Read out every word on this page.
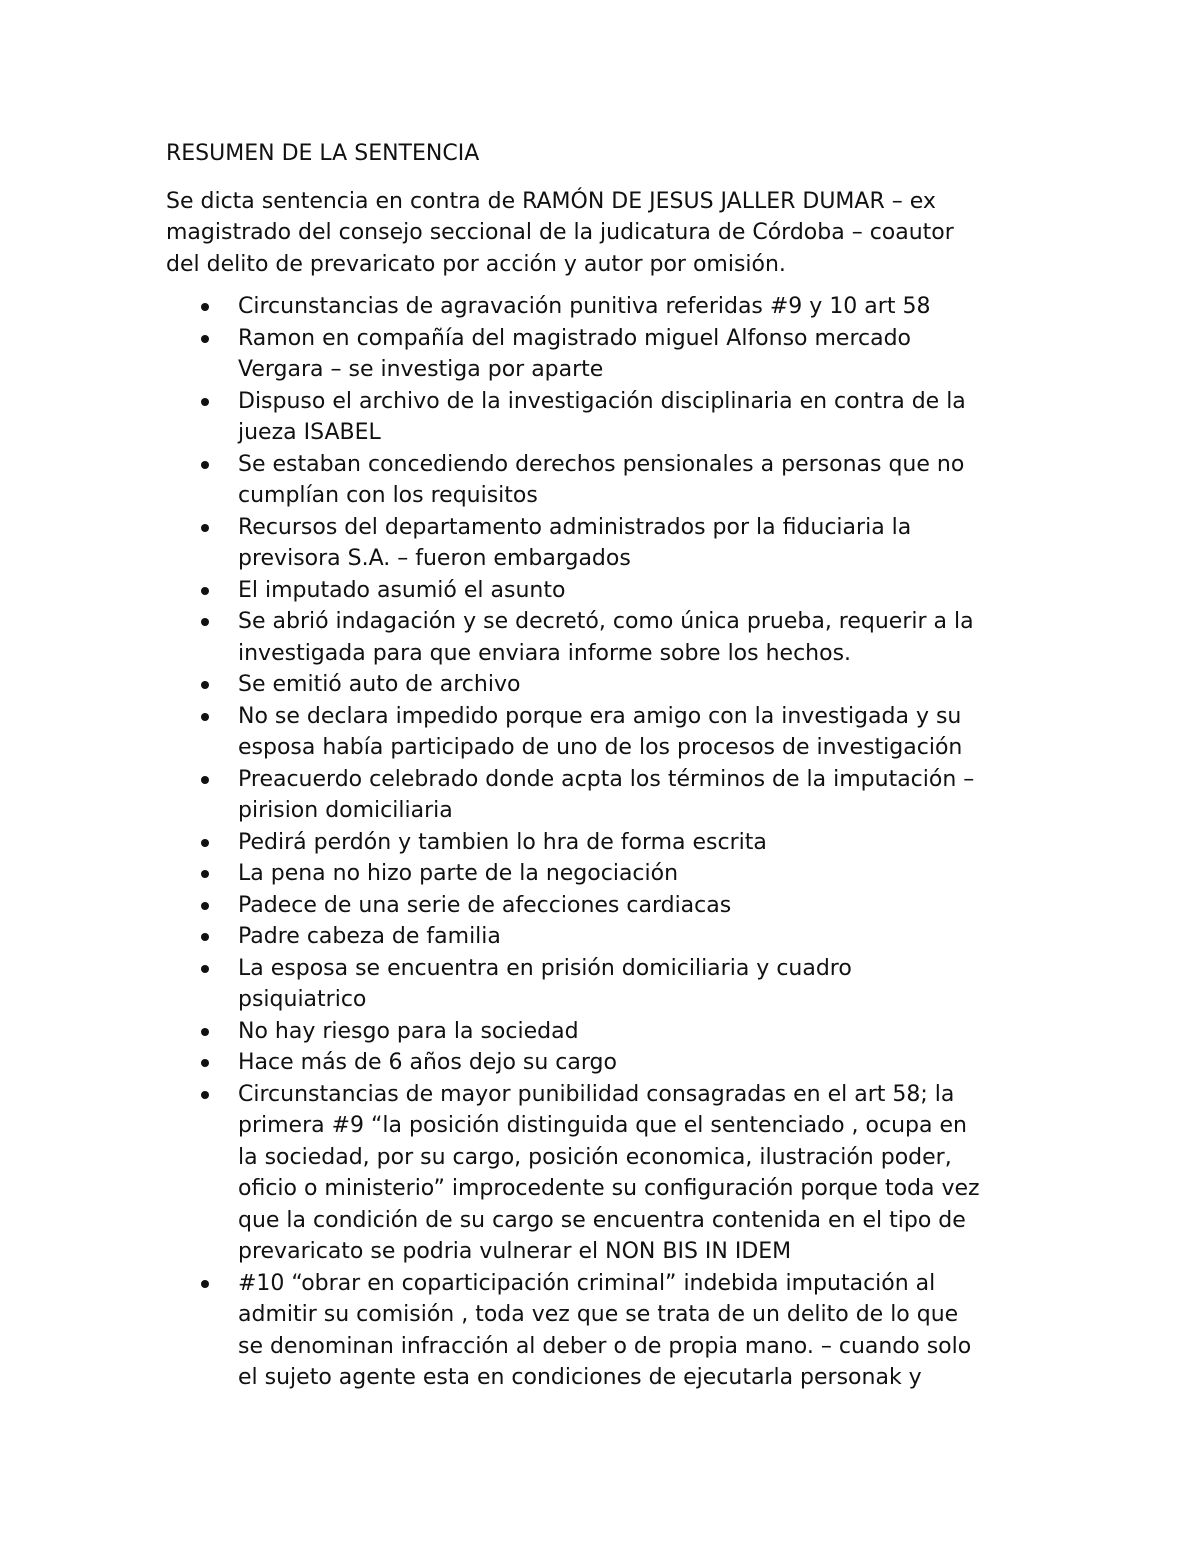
RESUMEN DE LA SENTENCIA
Se dicta sentencia en contra de RAMÓN DE JESUS JALLER DUMAR – ex
magistrado del consejo seccional de la judicatura de Córdoba – coautor
del delito de prevaricato por acción y autor por omisión.
Circunstancias de agravación punitiva referidas #9 y 10 art 58
Ramon en compañía del magistrado miguel Alfonso mercado
Vergara – se investiga por aparte
Dispuso el archivo de la investigación disciplinaria en contra de la
jueza ISABEL
Se estaban concediendo derechos pensionales a personas que no
cumplían con los requisitos
Recursos del departamento administrados por la fiduciaria la
previsora S.A. – fueron embargados
El imputado asumió el asunto
Se abrió indagación y se decretó, como única prueba, requerir a la
investigada para que enviara informe sobre los hechos.
Se emitió auto de archivo
No se declara impedido porque era amigo con la investigada y su
esposa había participado de uno de los procesos de investigación
Preacuerdo celebrado donde acpta los términos de la imputación –
pirision domiciliaria
Pedirá perdón y tambien lo hra de forma escrita
La pena no hizo parte de la negociación
Padece de una serie de afecciones cardiacas
Padre cabeza de familia
La esposa se encuentra en prisión domiciliaria y cuadro
psiquiatrico
No hay riesgo para la sociedad
Hace más de 6 años dejo su cargo
Circunstancias de mayor punibilidad consagradas en el art 58; la
primera #9 “la posición distinguida que el sentenciado , ocupa en
la sociedad, por su cargo, posición economica, ilustración poder,
oficio o ministerio” improcedente su configuración porque toda vez
que la condición de su cargo se encuentra contenida en el tipo de
prevaricato se podria vulnerar el NON BIS IN IDEM
#10 “obrar en coparticipación criminal” indebida imputación al
admitir su comisión , toda vez que se trata de un delito de lo que
se denominan infracción al deber o de propia mano. – cuando solo
el sujeto agente esta en condiciones de ejecutarla personak y
